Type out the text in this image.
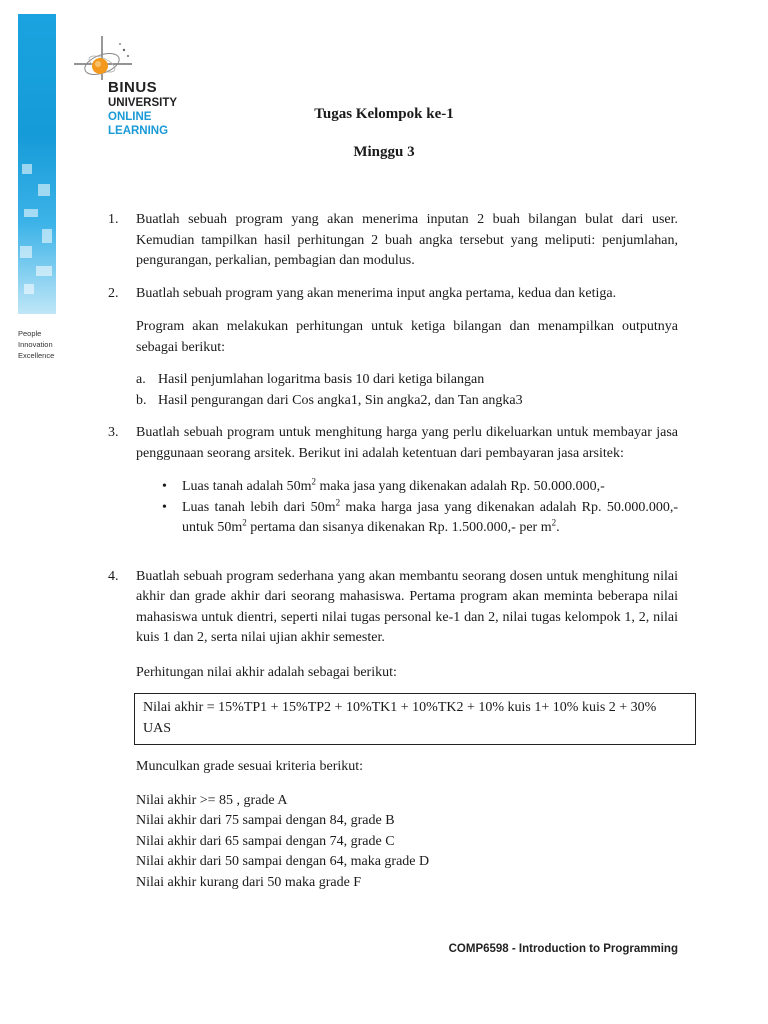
People
Innovation
Excellence
BINUS
UNIVERSITY
ONLINE
LEARNING
Tugas Kelompok ke-1
Minggu 3
1. Buatlah sebuah program yang akan menerima inputan 2 buah bilangan bulat dari user. Kemudian tampilkan hasil perhitungan 2 buah angka tersebut yang meliputi: penjumlahan, pengurangan, perkalian, pembagian dan modulus.

2. Buatlah sebuah program yang akan menerima input angka pertama, kedua dan ketiga.

Program akan melakukan perhitungan untuk ketiga bilangan dan menampilkan outputnya sebagai berikut:

a. Hasil penjumlahan logaritma basis 10 dari ketiga bilangan
b. Hasil pengurangan dari Cos angka1, Sin angka2, dan Tan angka3
3. Buatlah sebuah program untuk menghitung harga yang perlu dikeluarkan untuk membayar jasa penggunaan seorang arsitek. Berikut ini adalah ketentuan dari pembayaran jasa arsitek:

• Luas tanah adalah $50m^2$ maka jasa yang dikenakan adalah Rp. 50.000.000,-
• Luas tanah lebih dari $50m^2$ maka harga jasa yang dikenakan adalah Rp. 50.000.000,- untuk $50m^2$ pertama dan sisanya dikenakan Rp. 1.500.000,- per $m^2$.
4. Buatlah sebuah program sederhana yang akan membantu seorang dosen untuk menghitung nilai akhir dan grade akhir dari seorang mahasiswa. Pertama program akan meminta beberapa nilai mahasiswa untuk dientri, seperti nilai tugas personal ke-1 dan 2, nilai tugas kelompok 1, 2, nilai kuis 1 dan 2, serta nilai ujian akhir semester.

Perhitungan nilai akhir adalah sebagai berikut:

Nilai akhir = 15%TP1 + 15%TP2 + 10%TK1 + 10%TK2 + 10% kuis 1+ 10% kuis 2 + 30% UAS

Munculkan grade sesuai kriteria berikut:

Nilai akhir >= 85 , grade A
Nilai akhir dari 75 sampai dengan 84, grade B
Nilai akhir dari 65 sampai dengan 74, grade C
Nilai akhir dari 50 sampai dengan 64, maka grade D
Nilai akhir kurang dari 50 maka grade F
COMP6598 - Introduction to Programming
